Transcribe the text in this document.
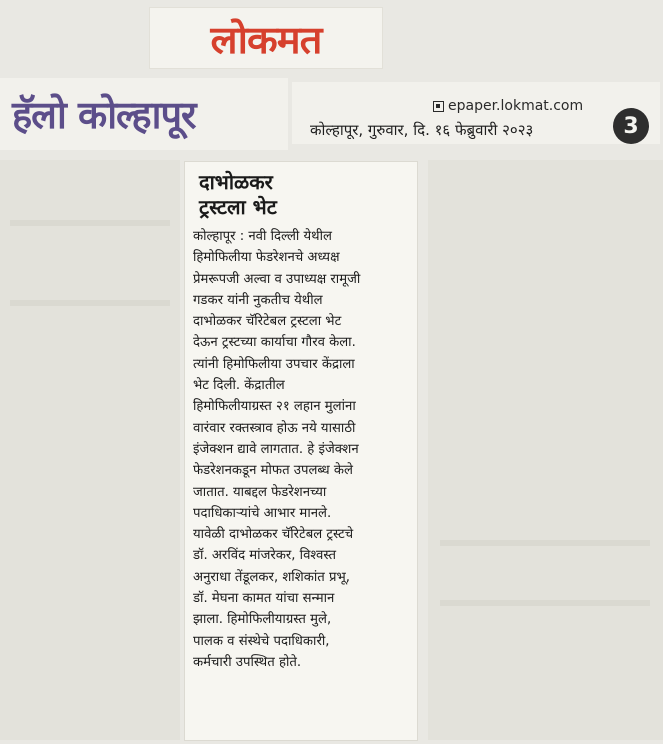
लोकमत
हॅलो कोल्हापूर	epaper.lokmat.com
कोल्हापूर, गुरुवार, दि. १६ फेब्रुवारी २०२३	3
दाभोळकर
ट्रस्टला भेट
कोल्हापूर : नवी दिल्ली येथील
हिमोफिलीया फेडरेशनचे अध्यक्ष
प्रेमरूपजी अल्वा व उपाध्यक्ष रामूजी
गडकर यांनी नुकतीच येथील
दाभोळकर चॅरिटेबल ट्रस्टला भेट
देऊन ट्रस्टच्या कार्याचा गौरव केला.
त्यांनी हिमोफिलीया उपचार केंद्राला
भेट दिली. केंद्रातील
हिमोफिलीयाग्रस्त २१ लहान मुलांना
वारंवार रक्तस्त्राव होऊ नये यासाठी
इंजेक्शन द्यावे लागतात. हे इंजेक्शन
फेडरेशनकडून मोफत उपलब्ध केले
जातात. याबद्दल फेडरेशनच्या
पदाधिकाऱ्यांचे आभार मानले.
यावेळी दाभोळकर चॅरिटेबल ट्रस्टचे
डॉ. अरविंद मांजरेकर, विश्वस्त
अनुराधा तेंडूलकर, शशिकांत प्रभू,
डॉ. मेघना कामत यांचा सन्मान
झाला. हिमोफिलीयाग्रस्त मुले,
पालक व संस्थेचे पदाधिकारी,
कर्मचारी उपस्थित होते.
